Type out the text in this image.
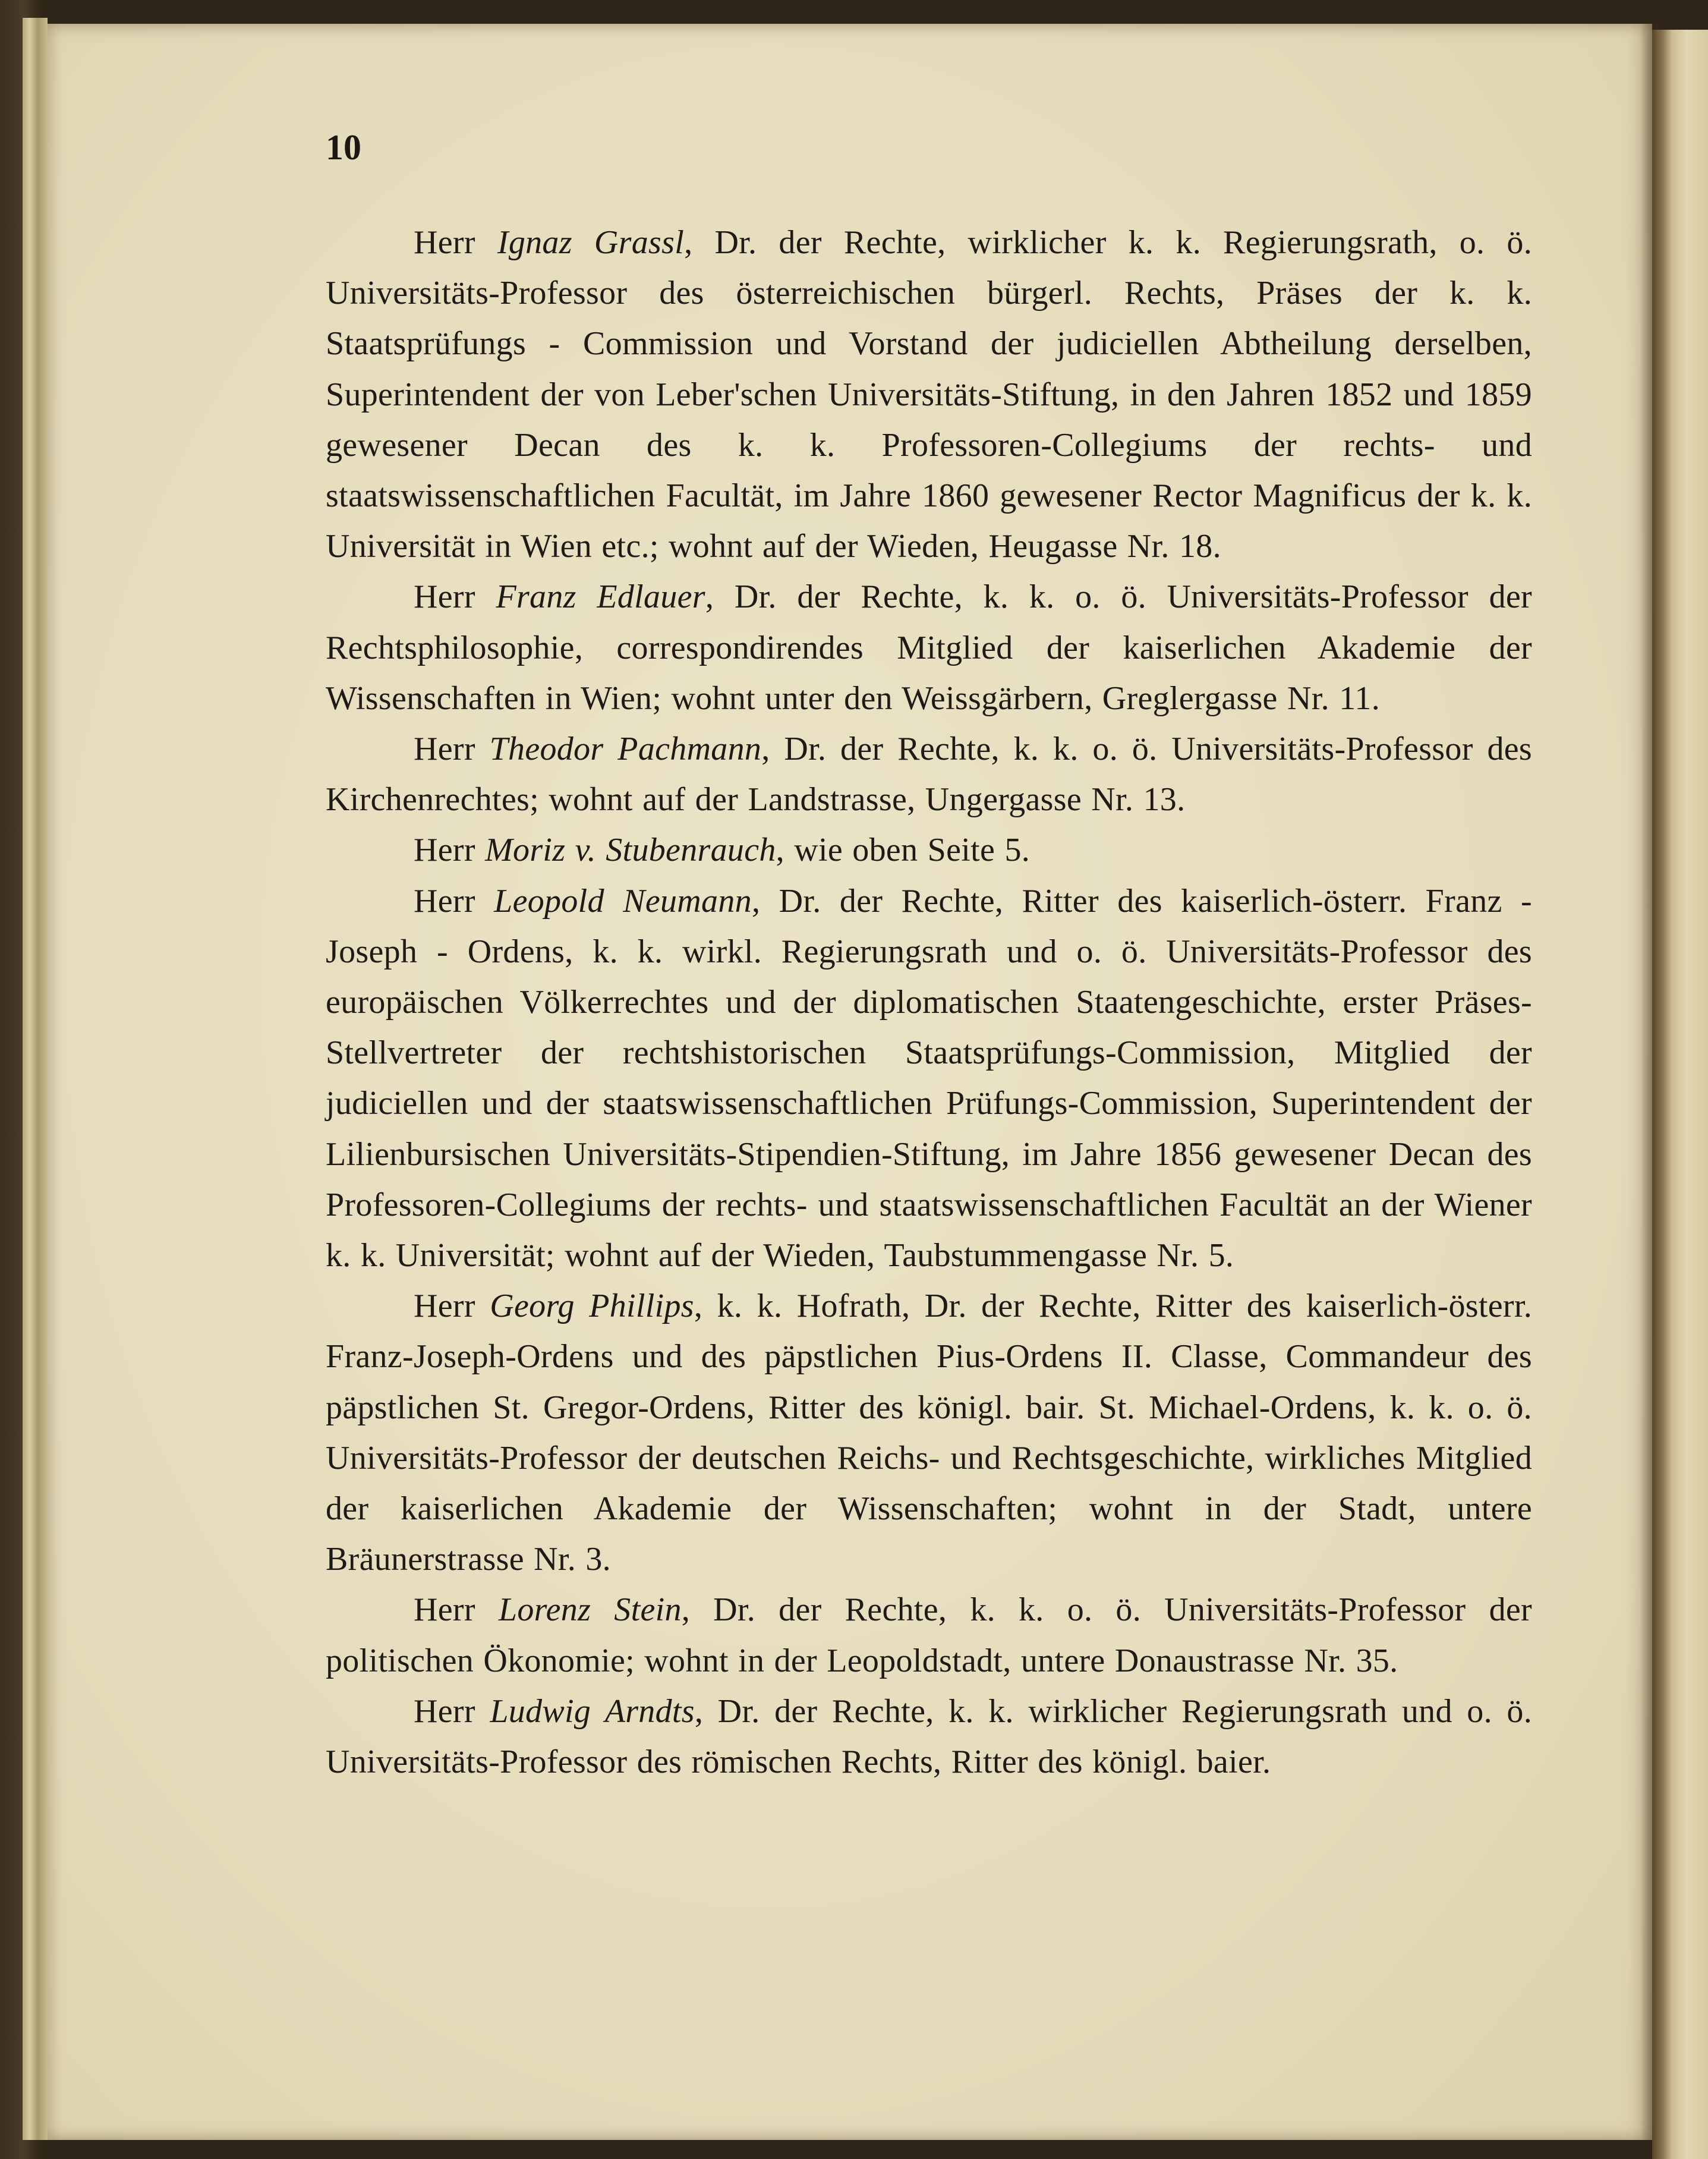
10

Herr Ignaz Grassl, Dr. der Rechte, wirklicher k. k. Regierungsrath, o. ö. Universitäts-Professor des österreichischen bürgerl. Rechts, Präses der k. k. Staatsprüfungs - Commission und Vorstand der judiciellen Abtheilung derselben, Superintendent der von Leber'schen Universitäts-Stiftung, in den Jahren 1852 und 1859 gewesener Decan des k. k. Professoren-Collegiums der rechts- und staatswissenschaftlichen Facultät, im Jahre 1860 gewesener Rector Magnificus der k. k. Universität in Wien etc.; wohnt auf der Wieden, Heugasse Nr. 18.

Herr Franz Edlauer, Dr. der Rechte, k. k. o. ö. Universitäts-Professor der Rechtsphilosophie, correspondirendes Mitglied der kaiserlichen Akademie der Wissenschaften in Wien; wohnt unter den Weissgärbern, Greglergasse Nr. 11.

Herr Theodor Pachmann, Dr. der Rechte, k. k. o. ö. Universitäts-Professor des Kirchenrechtes; wohnt auf der Landstrasse, Ungergasse Nr. 13.

Herr Moriz v. Stubenrauch, wie oben Seite 5.

Herr Leopold Neumann, Dr. der Rechte, Ritter des kaiserlich-österr. Franz - Joseph - Ordens, k. k. wirkl. Regierungsrath und o. ö. Universitäts-Professor des europäischen Völkerrechtes und der diplomatischen Staatengeschichte, erster Präses-Stellvertreter der rechtshistorischen Staatsprüfungs-Commission, Mitglied der judiciellen und der staatswissenschaftlichen Prüfungs-Commission, Superintendent der Lilienbursischen Universitäts-Stipendien-Stiftung, im Jahre 1856 gewesener Decan des Professoren-Collegiums der rechts- und staatswissenschaftlichen Facultät an der Wiener k. k. Universität; wohnt auf der Wieden, Taubstummengasse Nr. 5.

Herr Georg Phillips, k. k. Hofrath, Dr. der Rechte, Ritter des kaiserlich-österr. Franz-Joseph-Ordens und des päpstlichen Pius-Ordens II. Classe, Commandeur des päpstlichen St. Gregor-Ordens, Ritter des königl. bair. St. Michael-Ordens, k. k. o. ö. Universitäts-Professor der deutschen Reichs- und Rechtsgeschichte, wirkliches Mitglied der kaiserlichen Akademie der Wissenschaften; wohnt in der Stadt, untere Bräunerstrasse Nr. 3.

Herr Lorenz Stein, Dr. der Rechte, k. k. o. ö. Universitäts-Professor der politischen Ökonomie; wohnt in der Leopoldstadt, untere Donaustrasse Nr. 35.

Herr Ludwig Arndts, Dr. der Rechte, k. k. wirklicher Regierungsrath und o. ö. Universitäts-Professor des römischen Rechts, Ritter des königl. baier.
